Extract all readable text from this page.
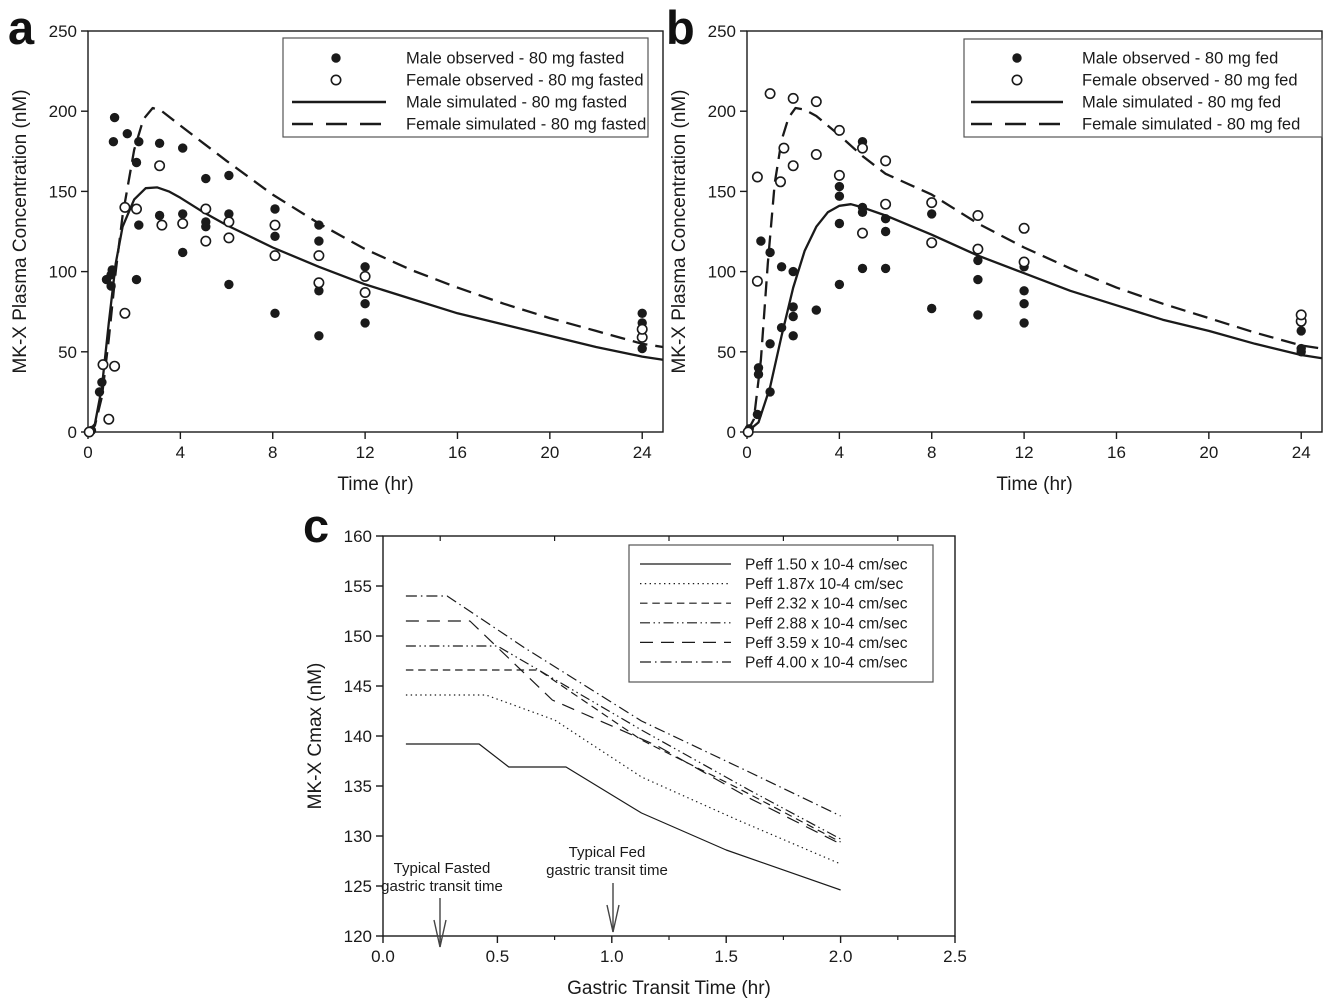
a	b
c
0	4	8	12	16	20	24
0
50
100
150
200
250
Time (hr)
MK-X Plasma Concentration (nM)
Male observed - 80 mg fasted
Female observed - 80 mg fasted
Male simulated - 80 mg fasted
Female simulated - 80 mg fasted
0	4	8	12	16	20	24
0
50
100
150
200
250
Time (hr)
MK-X Plasma Concentration (nM)
Male observed - 80 mg fed
Female observed - 80 mg fed
Male simulated - 80 mg fed
Female simulated - 80 mg fed
0.0	0.5	1.0	1.5	2.0	2.5
120
125
130
135
140
145
150
155
160
Gastric Transit Time (hr)
MK-X Cmax (nM)
Peff 1.50 x 10-4 cm/sec
Peff 1.87x 10-4 cm/sec
Peff 2.32 x 10-4 cm/sec
Peff 2.88 x 10-4 cm/sec
Peff 3.59 x 10-4 cm/sec
Peff 4.00 x 10-4 cm/sec
Typical Fasted
gastric transit time
Typical Fed
gastric transit time
